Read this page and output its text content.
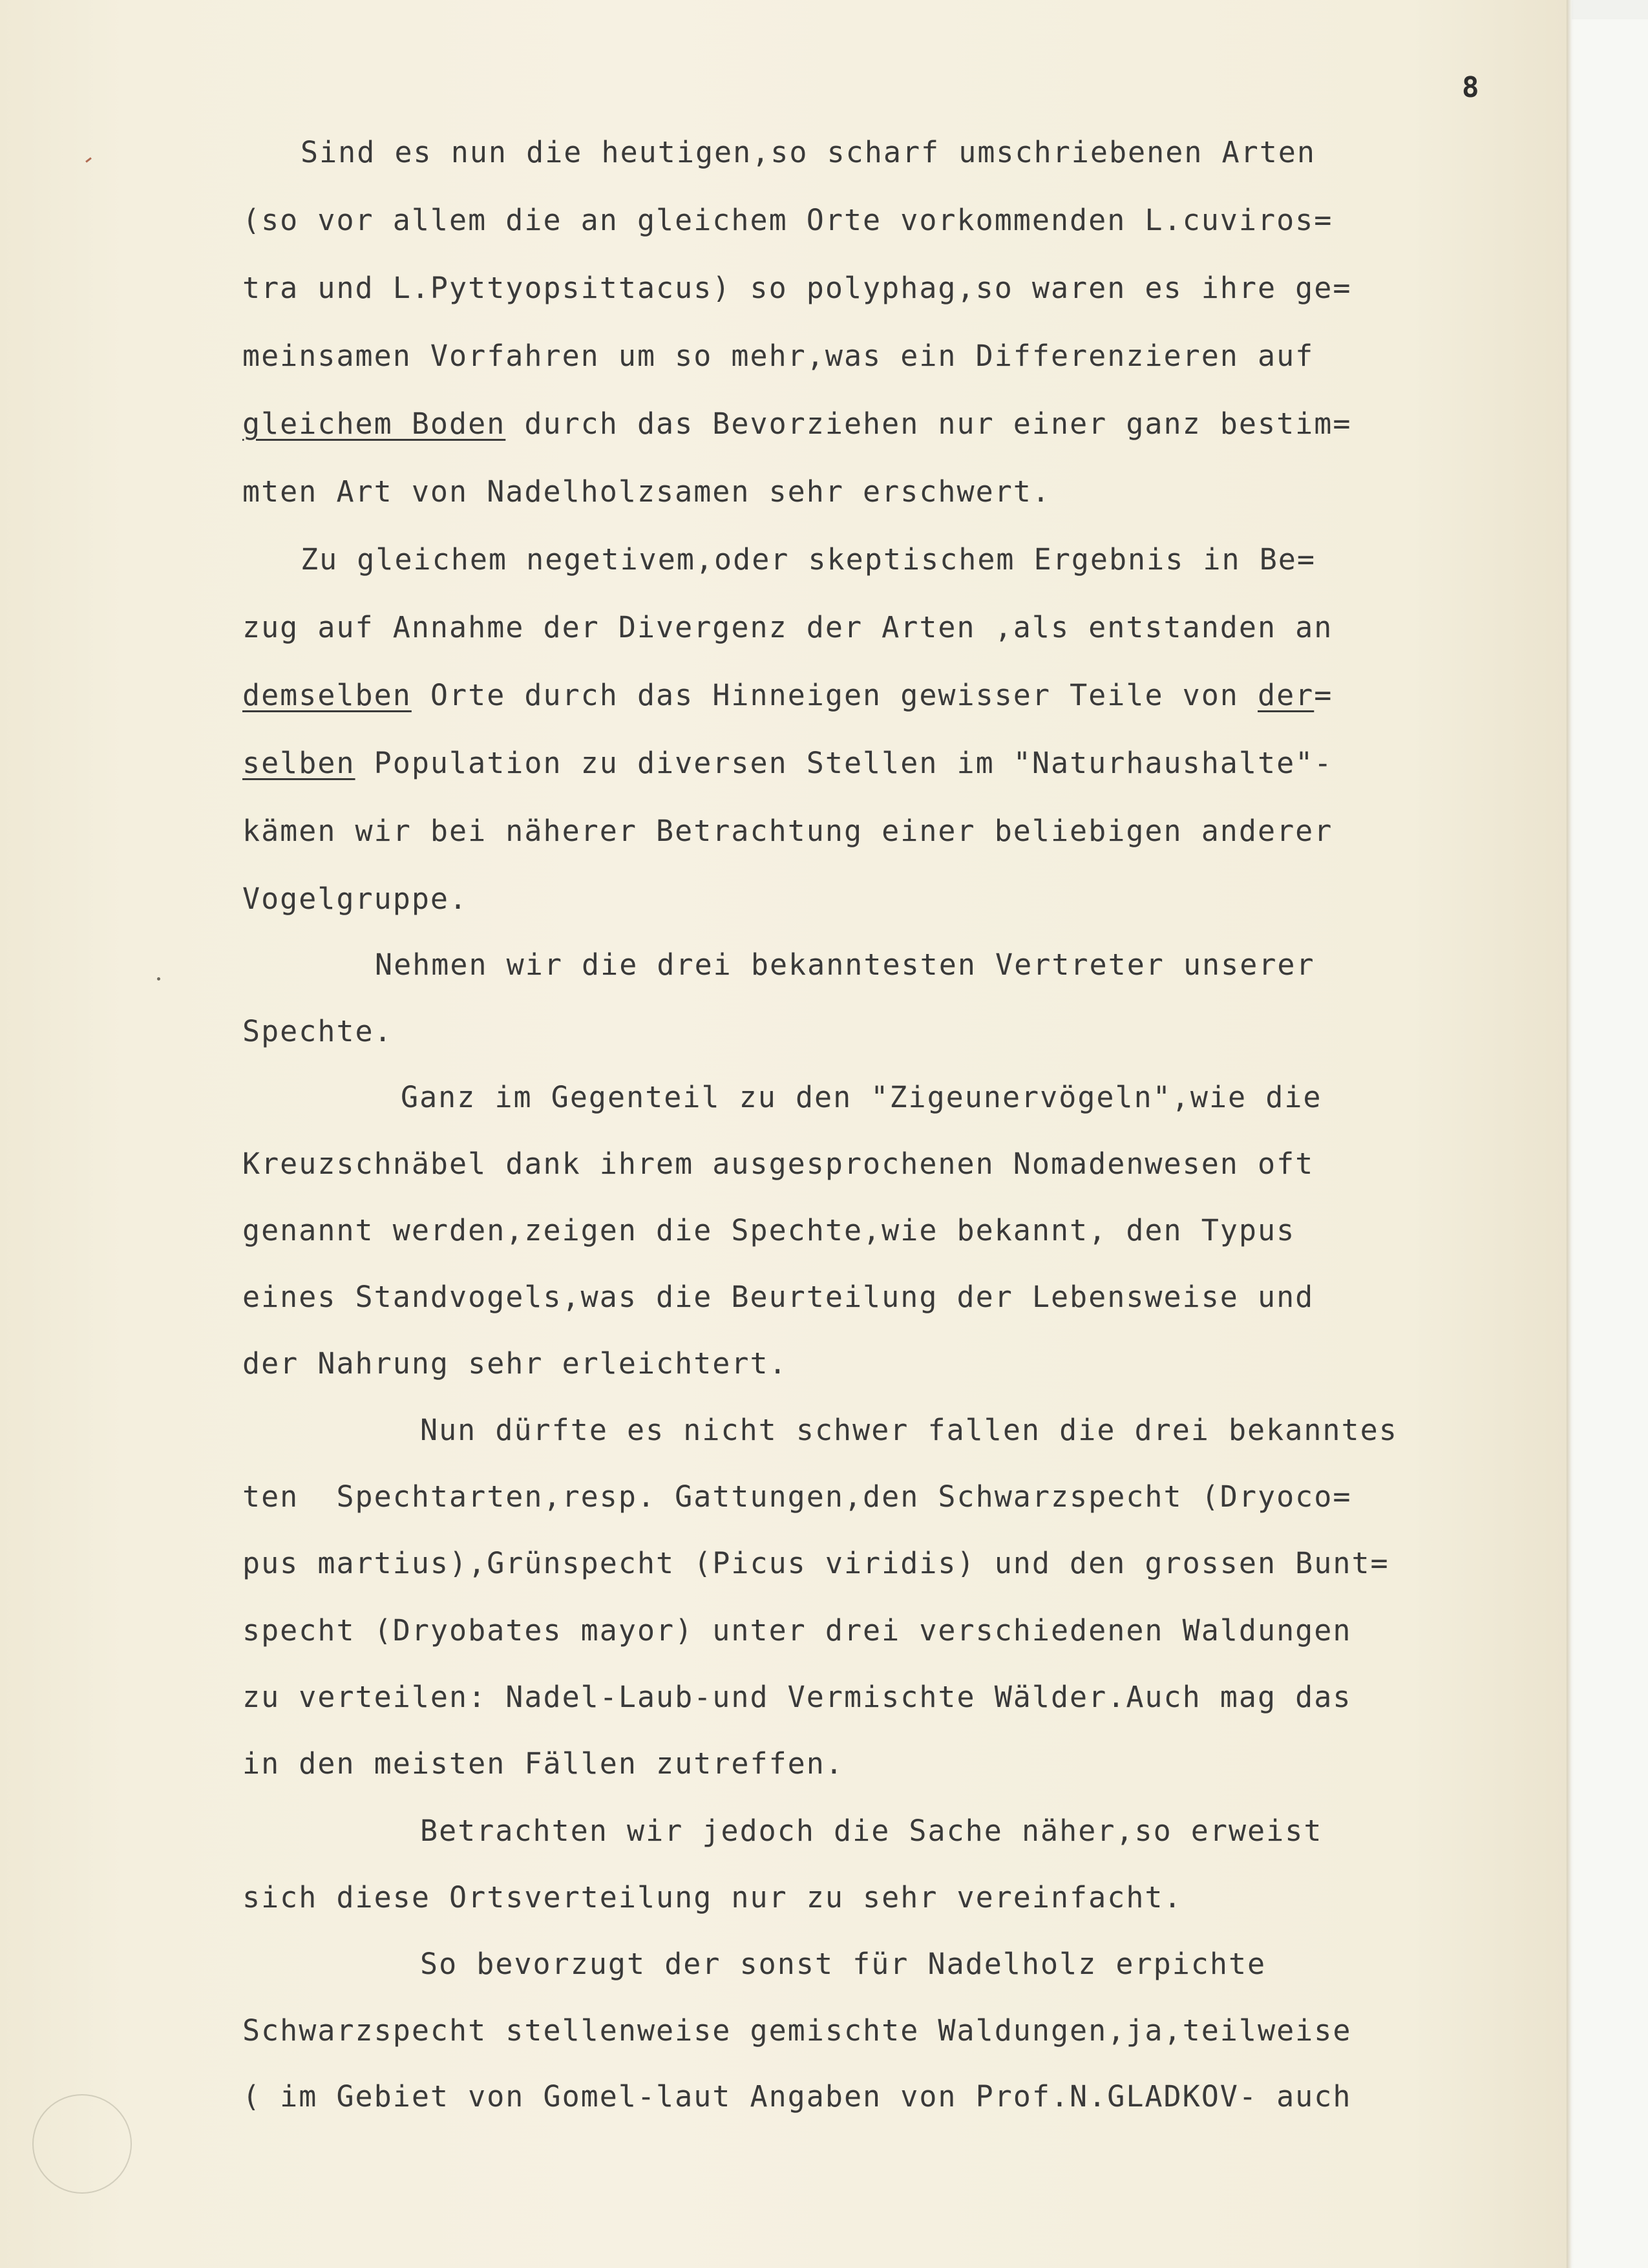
8

Sind es nun die heutigen,so scharf umschriebenen Arten

(so vor allem die an gleichem Orte vorkommenden L.cuviros=

tra und L.Pyttyopsittacus) so polyphag,so waren es ihre ge=

meinsamen Vorfahren um so mehr,was ein Differenzieren auf

gleichem Boden durch das Bevorziehen nur einer ganz bestim=

mten Art von Nadelholzsamen sehr erschwert.

Zu gleichem negetivem,oder skeptischem Ergebnis in Be=

zug auf Annahme der Divergenz der Arten ,als entstanden an

demselben Orte durch das Hinneigen gewisser Teile von der=

selben Population zu diversen Stellen im "Naturhaushalte"-

kämen wir bei näherer Betrachtung einer beliebigen anderer

Vogelgruppe.

Nehmen wir die drei bekanntesten Vertreter unserer

Spechte.

Ganz im Gegenteil zu den "Zigeunervögeln",wie die

Kreuzschnäbel dank ihrem ausgesprochenen Nomadenwesen oft

genannt werden,zeigen die Spechte,wie bekannt, den Typus

eines Standvogels,was die Beurteilung der Lebensweise und

der Nahrung sehr erleichtert.

Nun dürfte es nicht schwer fallen die drei bekanntes

ten  Spechtarten,resp. Gattungen,den Schwarzspecht (Dryoco=

pus martius),Grünspecht (Picus viridis) und den grossen Bunt=

specht (Dryobates mayor) unter drei verschiedenen Waldungen

zu verteilen: Nadel-Laub-und Vermischte Wälder.Auch mag das

in den meisten Fällen zutreffen.

Betrachten wir jedoch die Sache näher,so erweist

sich diese Ortsverteilung nur zu sehr vereinfacht.

So bevorzugt der sonst für Nadelholz erpichte

Schwarzspecht stellenweise gemischte Waldungen,ja,teilweise

( im Gebiet von Gomel-laut Angaben von Prof.N.GLADKOV- auch
